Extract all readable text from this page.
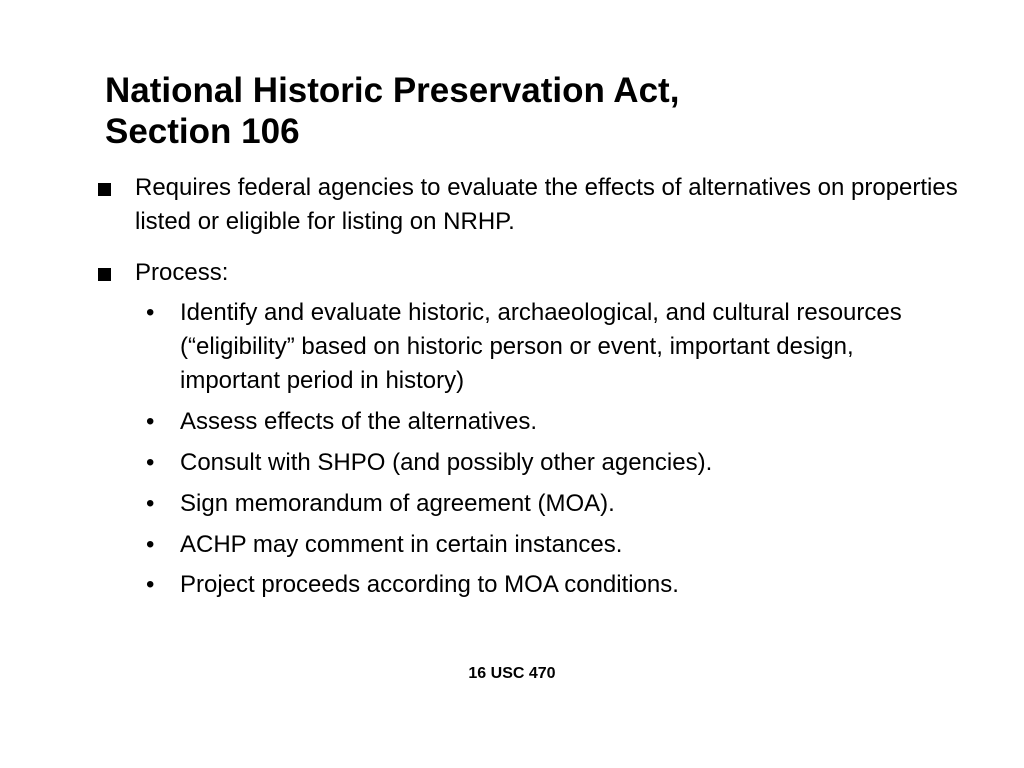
National Historic Preservation Act,
Section 106
Requires federal agencies to evaluate the effects of alternatives on properties listed or eligible for listing on NRHP.
Process:
• Identify and evaluate historic, archaeological, and cultural resources (“eligibility” based on historic person or event, important design, important period in history)
• Assess effects of the alternatives.
• Consult with SHPO (and possibly other agencies).
• Sign memorandum of agreement (MOA).
• ACHP may comment in certain instances.
• Project proceeds according to MOA conditions.
16 USC 470
